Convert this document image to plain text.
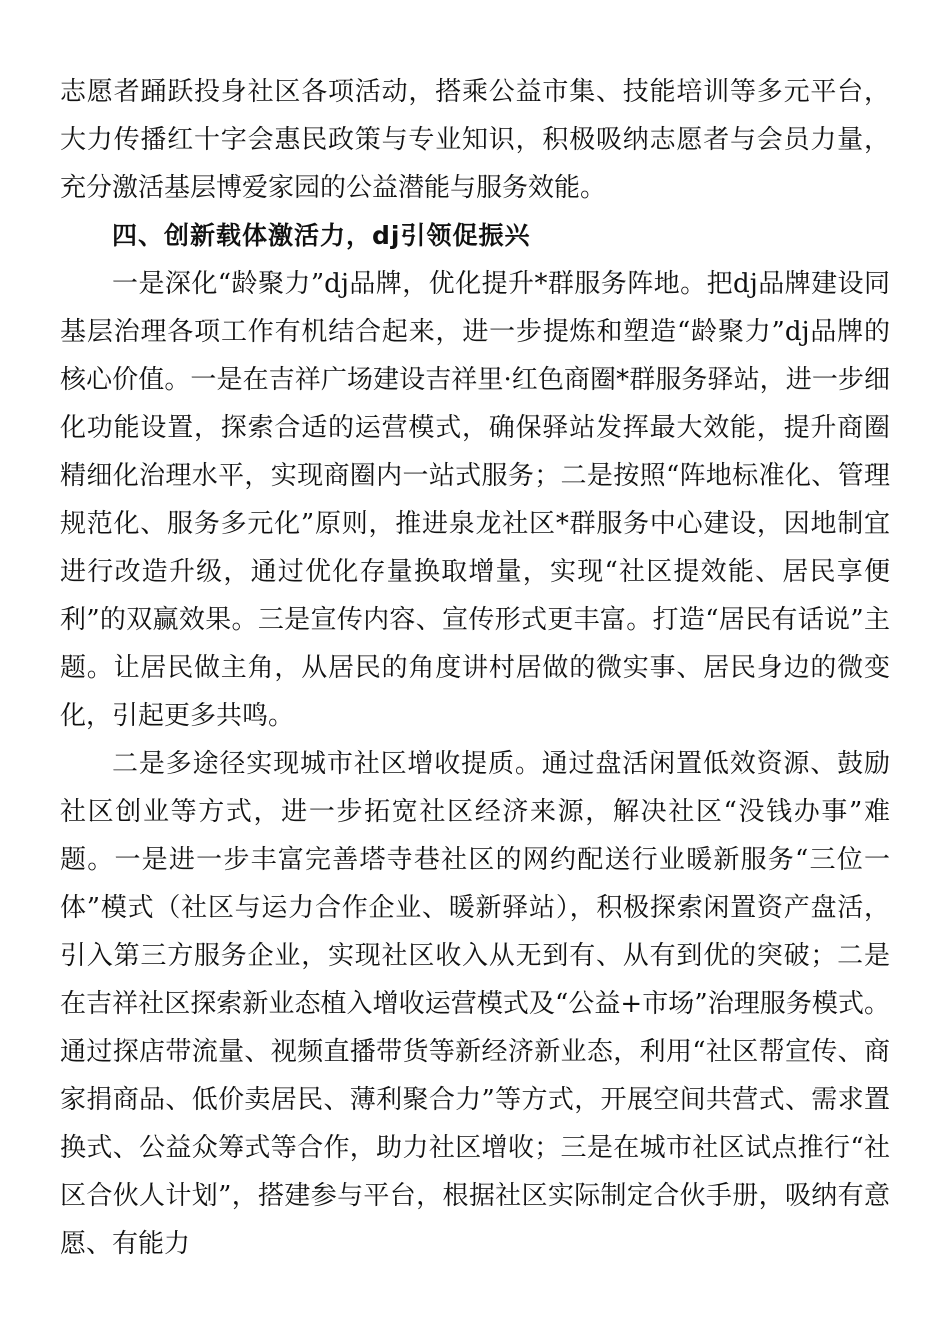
志愿者踊跃投身社区各项活动，搭乘公益市集、技能培训等多元平台，大力传播红十字会惠民政策与专业知识，积极吸纳志愿者与会员力量，充分激活基层博爱家园的公益潜能与服务效能。

四、创新载体激活力，dj引领促振兴

一是深化“龄聚力”dj品牌，优化提升*群服务阵地。把dj品牌建设同基层治理各项工作有机结合起来，进一步提炼和塑造“龄聚力”dj品牌的核心价值。一是在吉祥广场建设吉祥里·红色商圈*群服务驿站，进一步细化功能设置，探索合适的运营模式，确保驿站发挥最大效能，提升商圈精细化治理水平，实现商圈内一站式服务；二是按照“阵地标准化、管理规范化、服务多元化”原则，推进泉龙社区*群服务中心建设，因地制宜进行改造升级，通过优化存量换取增量，实现“社区提效能、居民享便利”的双赢效果。三是宣传内容、宣传形式更丰富。打造“居民有话说”主题。让居民做主角，从居民的角度讲村居做的微实事、居民身边的微变化，引起更多共鸣。

二是多途径实现城市社区增收提质。通过盘活闲置低效资源、鼓励社区创业等方式，进一步拓宽社区经济来源，解决社区“没钱办事”难题。一是进一步丰富完善塔寺巷社区的网约配送行业暖新服务“三位一体”模式（社区与运力合作企业、暖新驿站），积极探索闲置资产盘活，引入第三方服务企业，实现社区收入从无到有、从有到优的突破；二是在吉祥社区探索新业态植入增收运营模式及“公益+市场”治理服务模式。通过探店带流量、视频直播带货等新经济新业态，利用“社区帮宣传、商家捐商品、低价卖居民、薄利聚合力”等方式，开展空间共营式、需求置换式、公益众筹式等合作，助力社区增收；三是在城市社区试点推行“社区合伙人计划”，搭建参与平台，根据社区实际制定合伙手册，吸纳有意愿、有能力
